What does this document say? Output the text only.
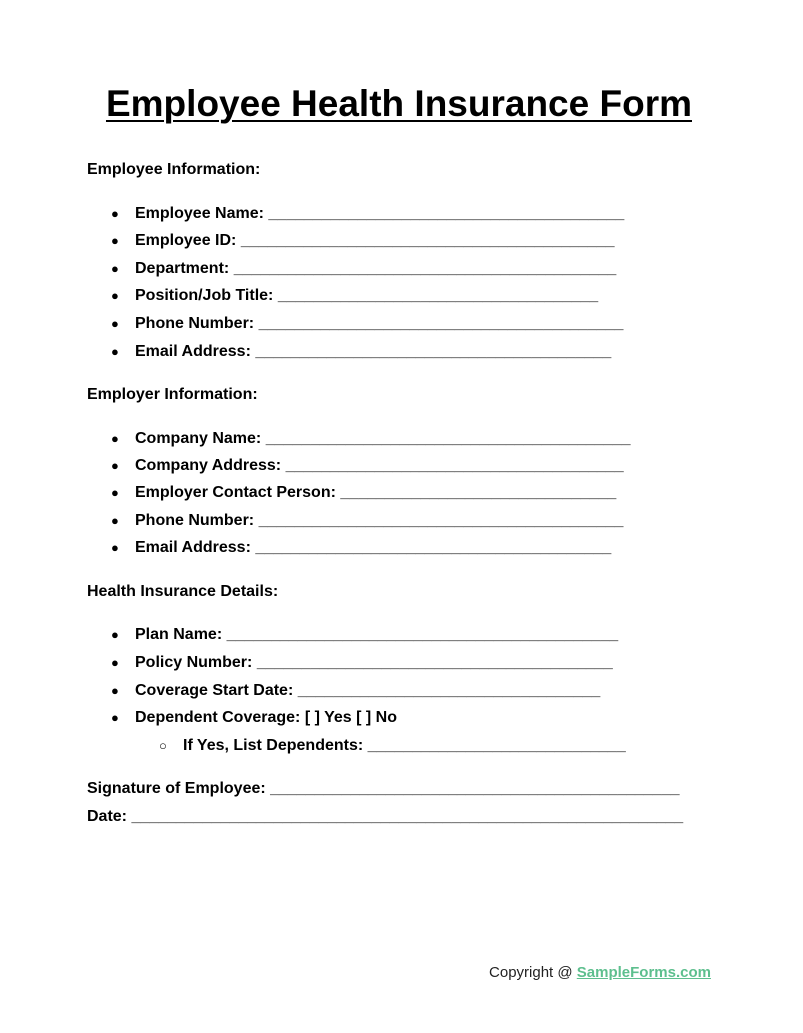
Employee Health Insurance Form

Employee Information:

● Employee Name: ________________________________________
● Employee ID: __________________________________________
● Department: ___________________________________________
● Position/Job Title: ____________________________________
● Phone Number: _________________________________________
● Email Address: ________________________________________

Employer Information:

● Company Name: _________________________________________
● Company Address: ______________________________________
● Employer Contact Person: _______________________________
● Phone Number: _________________________________________
● Email Address: ________________________________________

Health Insurance Details:

● Plan Name: ____________________________________________
● Policy Number: ________________________________________
● Coverage Start Date: __________________________________
● Dependent Coverage: [ ] Yes [ ] No
○ If Yes, List Dependents: _____________________________
Signature of Employee: ______________________________________________
Date: ______________________________________________________________
Copyright @ SampleForms.com
